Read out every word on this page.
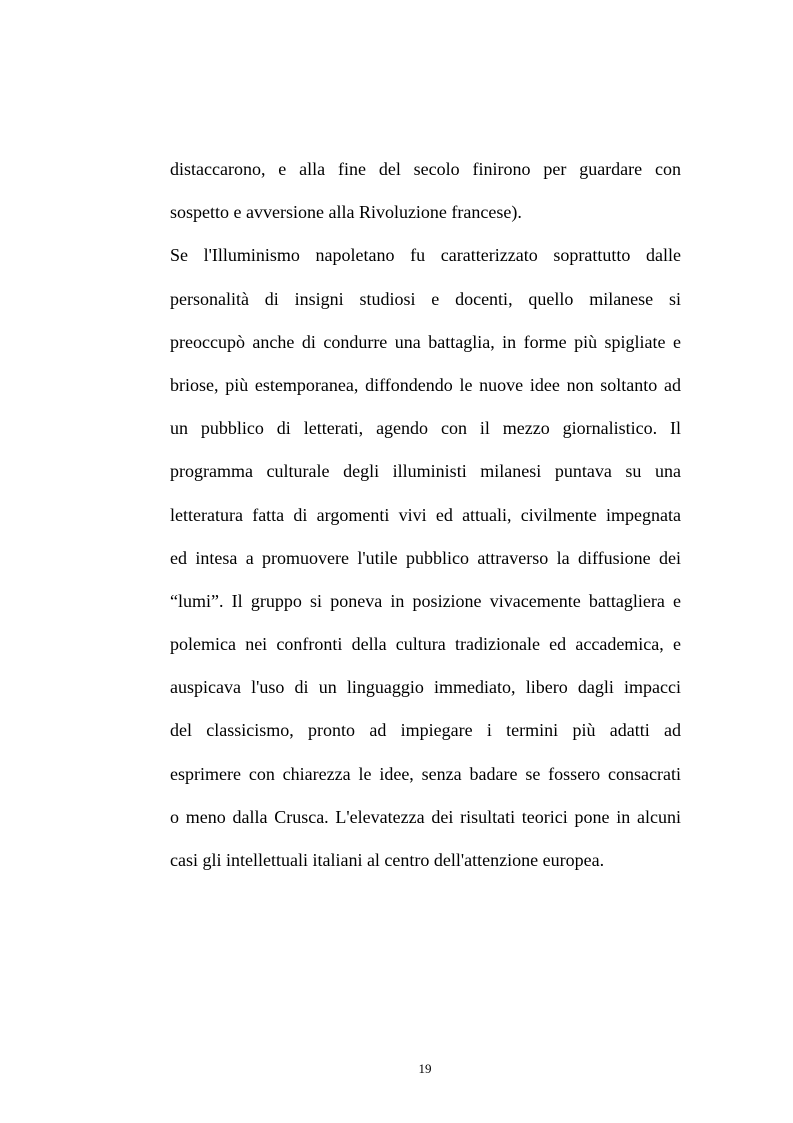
distaccarono, e alla fine del secolo finirono per guardare con
sospetto e avversione alla Rivoluzione francese).
Se l'Illuminismo napoletano fu caratterizzato soprattutto dalle
personalità di insigni studiosi e docenti, quello milanese si
preoccupò anche di condurre una battaglia, in forme più spigliate e
briose, più estemporanea, diffondendo le nuove idee non soltanto ad
un pubblico di letterati, agendo con il mezzo giornalistico. Il
programma culturale degli illuministi milanesi puntava su una
letteratura fatta di argomenti vivi ed attuali, civilmente impegnata
ed intesa a promuovere l'utile pubblico attraverso la diffusione dei
“lumi”. Il gruppo si poneva in posizione vivacemente battagliera e
polemica nei confronti della cultura tradizionale ed accademica, e
auspicava l'uso di un linguaggio immediato, libero dagli impacci
del classicismo, pronto ad impiegare i termini più adatti ad
esprimere con chiarezza le idee, senza badare se fossero consacrati
o meno dalla Crusca. L'elevatezza dei risultati teorici pone in alcuni
casi gli intellettuali italiani al centro dell'attenzione europea.
19
